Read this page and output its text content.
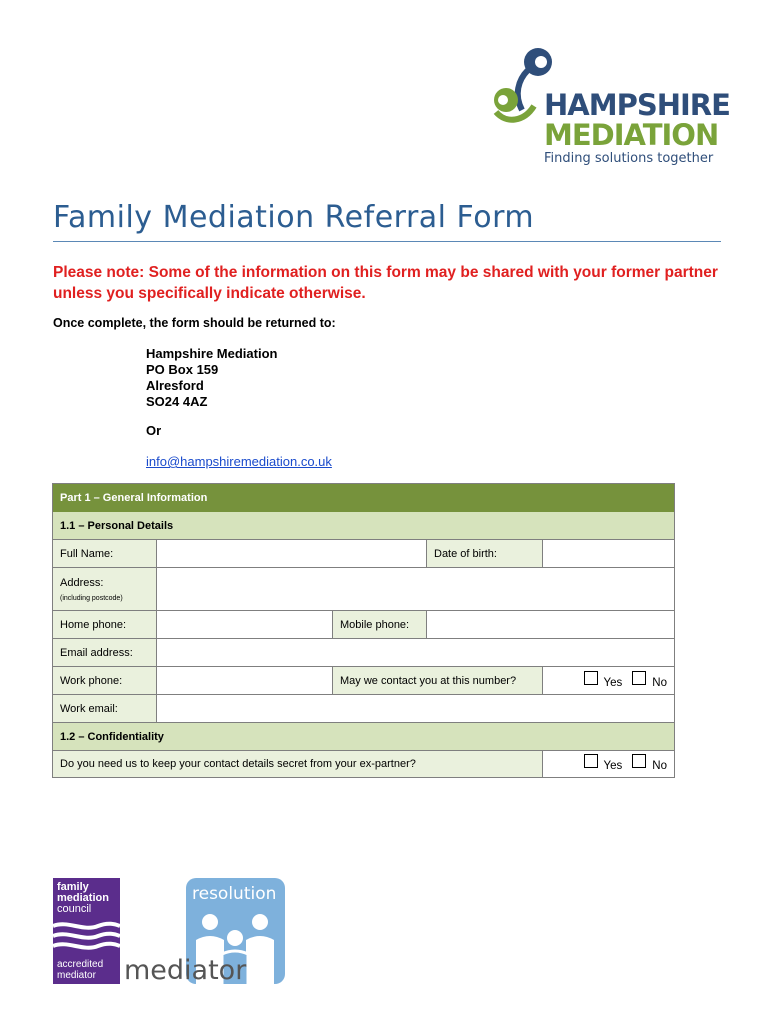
HAMPSHIRE
MEDIATION
Finding solutions together
Family Mediation Referral Form
Please note: Some of the information on this form may be shared with your former partner unless you specifically indicate otherwise.
Once complete, the form should be returned to:
Hampshire Mediation
PO Box 159
Alresford
SO24 4AZ
Or
info@hampshiremediation.co.uk
Part 1 – General Information
1.1 – Personal Details
Full Name:	Date of birth:
Address:
(including postcode)
Home phone:	Mobile phone:
Email address:
Work phone:	May we contact you at this number?	Yes	No
Work email:
1.2 – Confidentiality
Do you need us to keep your contact details secret from your ex-partner?	Yes	No
family
mediation
council
accredited
mediator
resolution
mediator
